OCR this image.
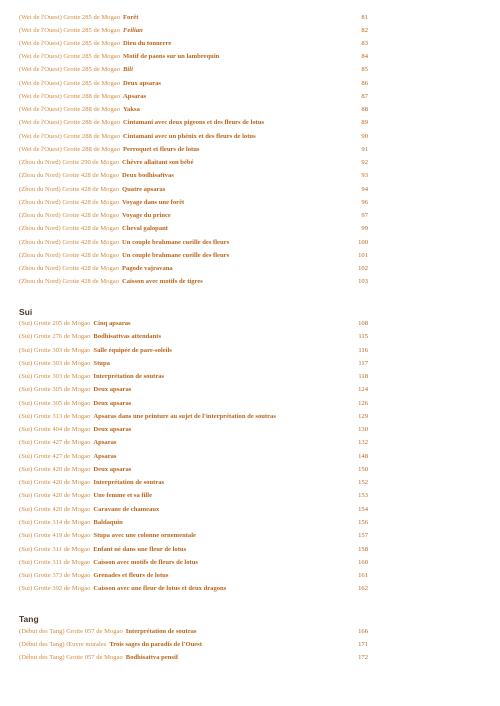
(Wei de l'Ouest) Grotte 285 de Mogao Forêt	81
(Wei de l'Ouest) Grotte 285 de Mogao Feilian	82
(Wei de l'Ouest) Grotte 285 de Mogao Dieu du tonnerre	83
(Wei de l'Ouest) Grotte 285 de Mogao Motif de paons sur un lambrequin	84
(Wei de l'Ouest) Grotte 285 de Mogao Bili	85
(Wei de l'Ouest) Grotte 285 de Mogao Deux apsaras	86
(Wei de l'Ouest) Grotte 288 de Mogao Apsaras	87
(Wei de l'Ouest) Grotte 288 de Mogao Yaksa	88
(Wei de l'Ouest) Grotte 288 de Mogao Cintamani avec deux pigeons et des fleurs de lotus	89
(Wei de l'Ouest) Grotte 288 de Mogao Cintamani avec un phénix et des fleurs de lotus	90
(Wei de l'Ouest) Grotte 288 de Mogao Perroquet et fleurs de lotus	91
(Zhou du Nord) Grotte 290 de Mogao Chèvre allaitant son bébé	92
(Zhou du Nord) Grotte 428 de Mogao Deux bodhisattvas	93
(Zhou du Nord) Grotte 428 de Mogao Quatre apsaras	94
(Zhou du Nord) Grotte 428 de Mogao Voyage dans une forêt	96
(Zhou du Nord) Grotte 428 de Mogao Voyage du prince	97
(Zhou du Nord) Grotte 428 de Mogao Cheval galopant	99
(Zhou du Nord) Grotte 428 de Mogao Un couple brahmane cueille des fleurs	100
(Zhou du Nord) Grotte 428 de Mogao Un couple brahmane cueille des fleurs	101
(Zhou du Nord) Grotte 428 de Mogao Pagode vajravana	102
(Zhou du Nord) Grotte 428 de Mogao Caisson avec motifs de tigres	103
Sui
(Sui) Grotte 205 de Mogao Cinq apsaras	108
(Sui) Grotte 276 de Mogao Bodhisattvas attendants	115
(Sui) Grotte 303 de Mogao Salle équipée de pare-soleils	116
(Sui) Grotte 303 de Mogao Stupa	117
(Sui) Grotte 303 de Mogao Interprétation de soutras	118
(Sui) Grotte 305 de Mogao Deux apsaras	124
(Sui) Grotte 305 de Mogao Deux apsaras	126
(Sui) Grotte 313 de Mogao Apsaras dans une peinture au sujet de l'interprétation de soutras	129
(Sui) Grotte 404 de Mogao Deux apsaras	130
(Sui) Grotte 427 de Mogao Apsaras	132
(Sui) Grotte 427 de Mogao Apsaras	148
(Sui) Grotte 420 de Mogao Deux apsaras	150
(Sui) Grotte 420 de Mogao Interprétation de soutras	152
(Sui) Grotte 420 de Mogao Une femme et sa fille	153
(Sui) Grotte 420 de Mogao Caravane de chameaux	154
(Sui) Grotte 314 de Mogao Baldaquin	156
(Sui) Grotte 419 de Mogao Stupa avec une colonne ornementale	157
(Sui) Grotte 311 de Mogao Enfant né dans une fleur de lotus	158
(Sui) Grotte 311 de Mogao Caisson avec motifs de fleurs de lotus	160
(Sui) Grotte 373 de Mogao Grenades et fleurs de lotus	161
(Sui) Grotte 392 de Mogao Caisson avec une fleur de lotus et deux dragons	162
Tang
(Début des Tang) Grotte 057 de Mogao Interprétation de soutras	166
(Début des Tang) Œuvre murales Trois sages du paradis de l'Ouest	171
(Début des Tang) Grotte 057 de Mogao Bodhisattva pensif	172
